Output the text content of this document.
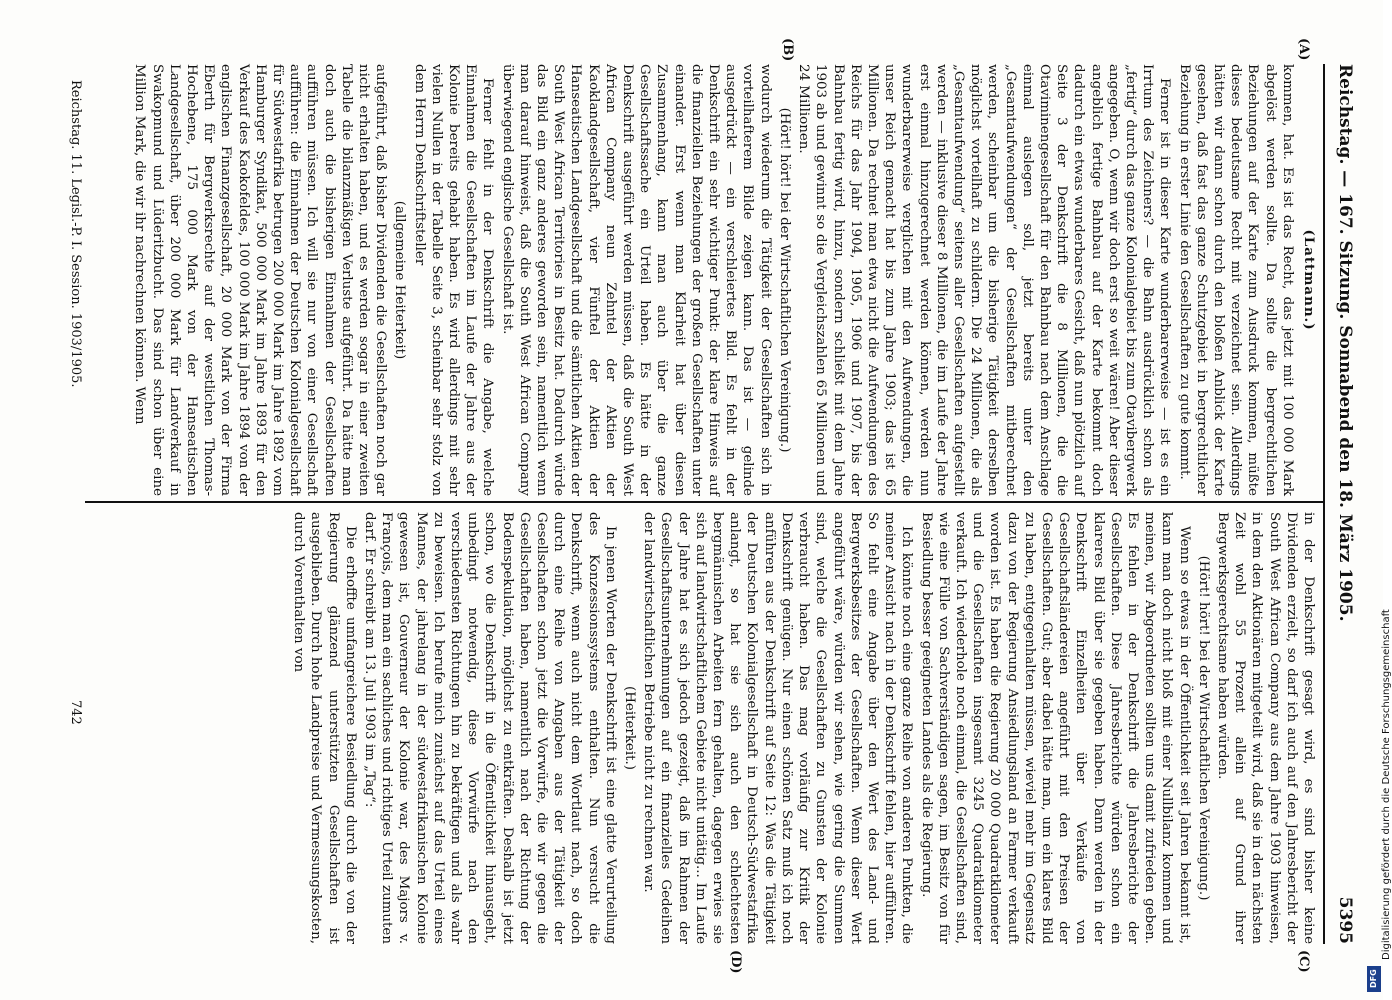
Reichstag. — 167. Sitzung. Sonnabend den 18. März 1905.
5395
(A)
(B)
(C)
(D)

(Lattmann.)

kommen, hat. Es ist das Recht, das jetzt mit 100 000 Mark abgelöst werden sollte. Da sollte die bergrechtlichen Beziehungen auf der Karte zum Ausdruck kommen, müßte dieses bedeutsame Recht mit verzeichnet sein. Allerdings hätten wir dann schon durch den bloßen Anblick der Karte gesehen, daß fast das ganze Schutzgebiet in bergrechtlicher Beziehung in erster Linie den Gesellschaften zu gute kommt.

Ferner ist in dieser Karte wunderbarerweise — ist es ein Irrtum des Zeichners? — die Bahn ausdrücklich schon als „fertig“ durch das ganze Kolonialgebiet bis zum Otavibergwerk angegeben. O, wenn wir doch erst so weit wären! Aber dieser angeblich fertige Bahnbau auf der Karte bekommt doch dadurch ein etwas wunderbares Gesicht, daß nun plötzlich auf Seite 3 der Denkschrift die 8 Millionen, die die Otaviminengesellschaft für den Bahnbau nach dem Anschlage einmal auslegen soll, jetzt bereits unter den „Gesamtaufwendungen“ der Gesellschaften mitberechnet werden, scheinbar um die bisherige Tätigkeit derselben möglichst vorteilhaft zu schildern. Die 24 Millionen, die als „Gesamtaufwendung“ seitens aller Gesellschaften aufgestellt werden — inklusive dieser 8 Millionen, die im Laufe der Jahre erst einmal hinzugerechnet werden können, werden nun wunderbarerweise verglichen mit den Aufwendungen, die unser Reich gemacht hat bis zum Jahre 1903; das ist 65 Millionen. Da rechnet man etwa nicht die Aufwendungen des Reichs für das Jahr 1904, 1905, 1906 und 1907, bis der Bahnbau fertig wird, hinzu, sondern schließt mit dem Jahre 1903 ab und gewinnt so die Vergleichszahlen 65 Millionen und 24 Millionen.

(Hört! hört! bei der Wirtschaftlichen Vereinigung.)

wodurch wiederum die Tätigkeit der Gesellschaften sich in vorteilhafterem Bilde zeigen kann. Das ist — gelinde ausgedrückt — ein verschleiertes Bild. Es fehlt in der Denkschrift ein sehr wichtiger Punkt: der klare Hinweis auf die finanziellen Beziehungen der großen Gesellschaften unter einander. Erst wenn man Klarheit hat über diesen Zusammenhang, kann man auch über die ganze Gesellschaftssache ein Urteil haben. Es hätte in der Denkschrift ausgeführt werden müssen, daß die South West African Company neun Zehntel der Aktien der Kaoklandgesellschaft, vier Fünftel der Aktien der Hanseatischen Landgesellschaft und die sämtlichen Aktien der South West African Territories in Besitz hat. Dadurch würde das Bild ein ganz anderes geworden sein, namentlich wenn man darauf hinweist, daß die South West African Company überwiegend englische Gesellschaft ist.

Ferner fehlt in der Denkschrift die Angabe, welche Einnahmen die Gesellschaften im Laufe der Jahre aus der Kolonie bereits gehabt haben. Es wird allerdings mit sehr vielen Nullen in der Tabelle Seite 3, scheinbar sehr stolz von dem Herrn Denkschriftsteller

(allgemeine Heiterkeit)

aufgeführt, daß bisher Dividenden die Gesellschaften noch gar nicht erhalten haben, und es werden sogar in einer zweiten Tabelle die bilanzmäßigen Verluste aufgeführt. Da hätte man doch auch die bisherigen Einnahmen der Gesellschaften aufführen müssen. Ich will sie nur von einer Gesellschaft aufführen: die Einnahmen der Deutschen Kolonialgesellschaft für Südwestafrika betrugen 200 000 Mark im Jahre 1892 vom Hamburger Syndikat, 500 000 Mark im Jahre 1893 für den Verkauf des Kaokofeldes, 100 000 Mark im Jahre 1894 von der englischen Finanzgesellschaft, 20 000 Mark von der Firma Eberth für Bergwerksrechte auf der westlichen Thomas-Hochebene, 175 000 Mark von der Hanseatischen Landgesellschaft, über 200 000 Mark für Landverkauf in Swakopmund und Lüderitzbucht. Das sind schon über eine Million Mark, die wir ihr nachrechnen können. Wenn

in der Denkschrift gesagt wird, es sind bisher keine Dividenden erzielt, so darf ich auch auf den Jahresbericht der South West African Company aus dem Jahre 1903 hinweisen, in dem den Aktionären mitgeteilt wird, daß sie in den nächsten Zeit wohl 55 Prozent allein auf Grund ihrer Bergwerksgerechtsame haben würden.

(Hört! hört! bei der Wirtschaftlichen Vereinigung.)

Wenn so etwas in der Öffentlichkeit seit Jahren bekannt ist, kann man doch nicht bloß mit einer Nullbilanz kommen und meinen, wir Abgeordneten sollten uns damit zufrieden geben. Es fehlen in der Denkschrift die Jahresberichte der Gesellschaften. Diese Jahresberichte würden schon ein klareres Bild über sie gegeben haben. Dann werden in der Denkschrift Einzelheiten über Verkäufe von Gesellschaftsländereien angeführt mit den Preisen der Gesellschaften. Gut; aber dabei hätte man, um ein klares Bild zu haben, entgegenhalten müssen, wieviel mehr im Gegensatz dazu von der Regierung Ansiedlungsland an Farmer verkauft worden ist. Es haben die Regierung 20 000 Quadratkilometer und die Gesellschaften insgesamt 3245 Quadratkilometer verkauft. Ich wiederhole noch einmal, die Gesellschaften sind, wie eine Fülle von Sachverständigen sagen, im Besitz von für Besiedlung besser geeigneten Landes als die Regierung.

Ich könnte noch eine ganze Reihe von anderen Punkten, die meiner Ansicht nach in der Denkschrift fehlen, hier aufführen. So fehlt eine Angabe über den Wert des Land- und Bergwerksbesitzes der Gesellschaften. Wenn dieser Wert angeführt wäre, würden wir sehen, wie gering die Summen sind, welche die Gesellschaften zu Gunsten der Kolonie verbraucht haben. Das mag vorläufig zur Kritik der Denkschrift genügen. Nur einen schönen Satz muß ich noch anführen aus der Denkschrift auf Seite 12: Was die Tätigkeit der Deutschen Kolonialgesellschaft in Deutsch-Südwestafrika anlangt, so hat sie sich auch den schlechtesten bergmännischen Arbeiten fern gehalten, dagegen erwies sie sich auf landwirtschaftlichem Gebiete nicht untätig... Im Laufe der Jahre hat es sich jedoch gezeigt, daß im Rahmen der Gesellschaftsunternehmungen auf ein finanzielles Gedeihen der landwirtschaftlichen Betriebe nicht zu rechnen war.

(Heiterkeit.)

In jenen Worten der Denkschrift ist eine glatte Verurteilung des Konzessionssystems enthalten. Nun versucht die Denkschrift, wenn auch nicht dem Wortlaut nach, so doch durch eine Reihe von Angaben aus der Tätigkeit der Gesellschaften schon jetzt die Vorwürfe, die wir gegen die Gesellschaften haben, namentlich nach der Richtung der Bodenspekulation, möglichst zu entkräften. Deshalb ist jetzt schon, wo die Denkschrift in die Öffentlichkeit hinausgeht, unbedingt notwendig, diese Vorwürfe nach den verschiedensten Richtungen hin zu bekräftigen und als wahr zu beweisen. Ich berufe mich zunächst auf das Urteil eines Mannes, der jahrelang in der südwestafrikanischen Kolonie gewesen ist, Gouverneur der Kolonie war, des Majors v. François, dem man ein sachliches und richtiges Urteil zumuten darf. Er schreibt am 13. Juli 1903 im „Tag“:

Die erhoffte umfangreichere Besiedlung durch die von der Regierung glänzend unterstützten Gesellschaften ist ausgeblieben. Durch hohe Landpreise und Vermessungskosten, durch Vorenthalten von

Reichstag. 11. Legisl.-P. I. Session. 1903/1905.
742	Digitalisierung gefördert durch die Deutsche Forschungsgemeinschaft
DFG
